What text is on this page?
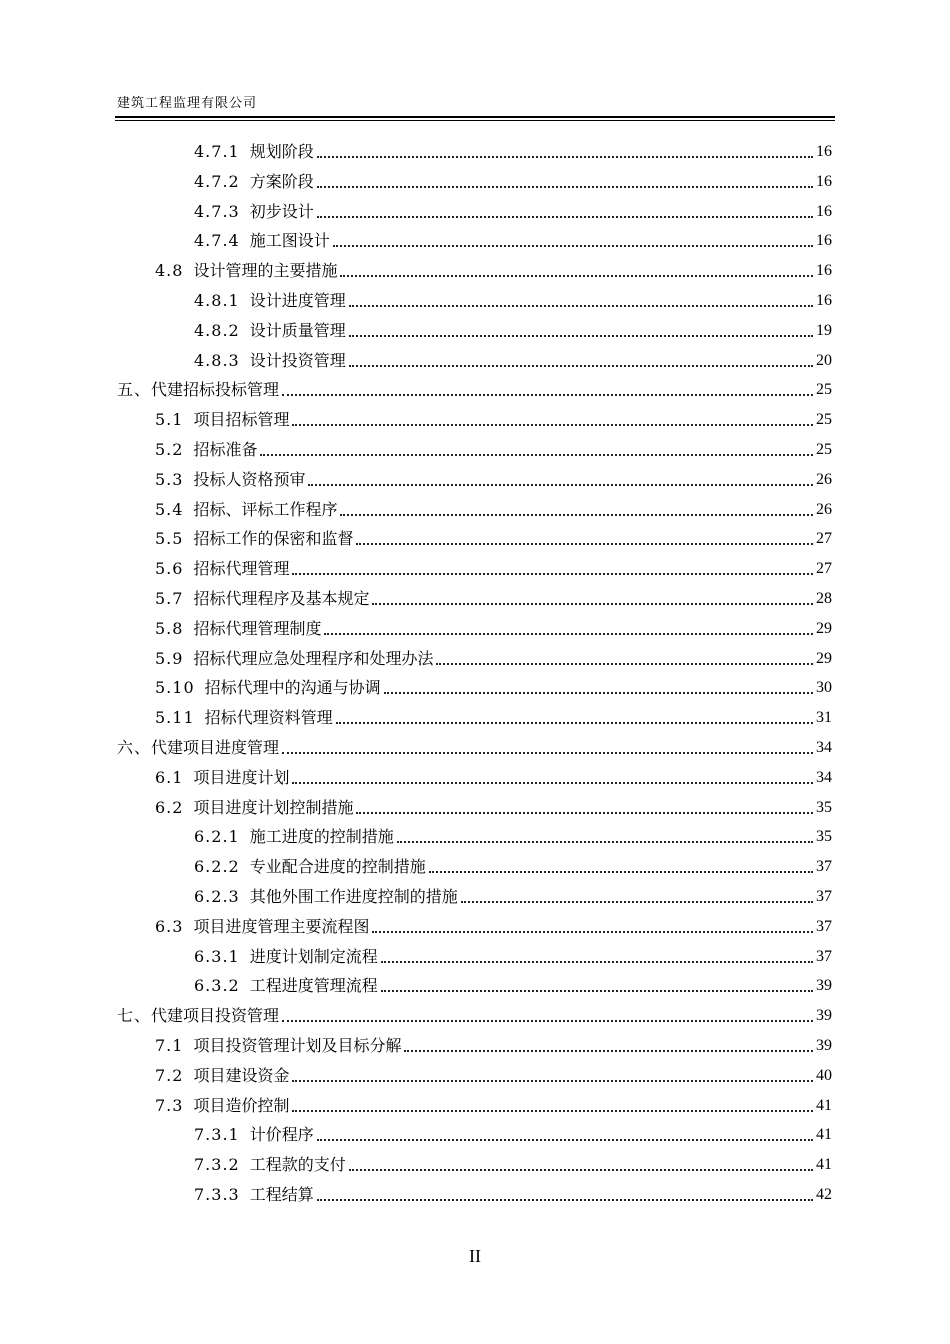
建筑工程监理有限公司
4.7.1 规划阶段	16
4.7.2 方案阶段	16
4.7.3 初步设计	16
4.7.4 施工图设计	16
4.8 设计管理的主要措施	16
4.8.1 设计进度管理	16
4.8.2 设计质量管理	19
4.8.3 设计投资管理	20
五、 代建招标投标管理	25
5.1 项目招标管理	25
5.2 招标准备	25
5.3 投标人资格预审	26
5.4 招标、评标工作程序	26
5.5 招标工作的保密和监督	27
5.6 招标代理管理	27
5.7 招标代理程序及基本规定	28
5.8 招标代理管理制度	29
5.9 招标代理应急处理程序和处理办法	29
5.10 招标代理中的沟通与协调	30
5.11 招标代理资料管理	31
六、 代建项目进度管理	34
6.1 项目进度计划	34
6.2 项目进度计划控制措施	35
6.2.1 施工进度的控制措施	35
6.2.2 专业配合进度的控制措施	37
6.2.3 其他外围工作进度控制的措施	37
6.3 项目进度管理主要流程图	37
6.3.1 进度计划制定流程	37
6.3.2 工程进度管理流程	39
七、 代建项目投资管理	39
7.1 项目投资管理计划及目标分解	39
7.2 项目建设资金	40
7.3 项目造价控制	41
7.3.1 计价程序	41
7.3.2 工程款的支付	41
7.3.3 工程结算	42
II
